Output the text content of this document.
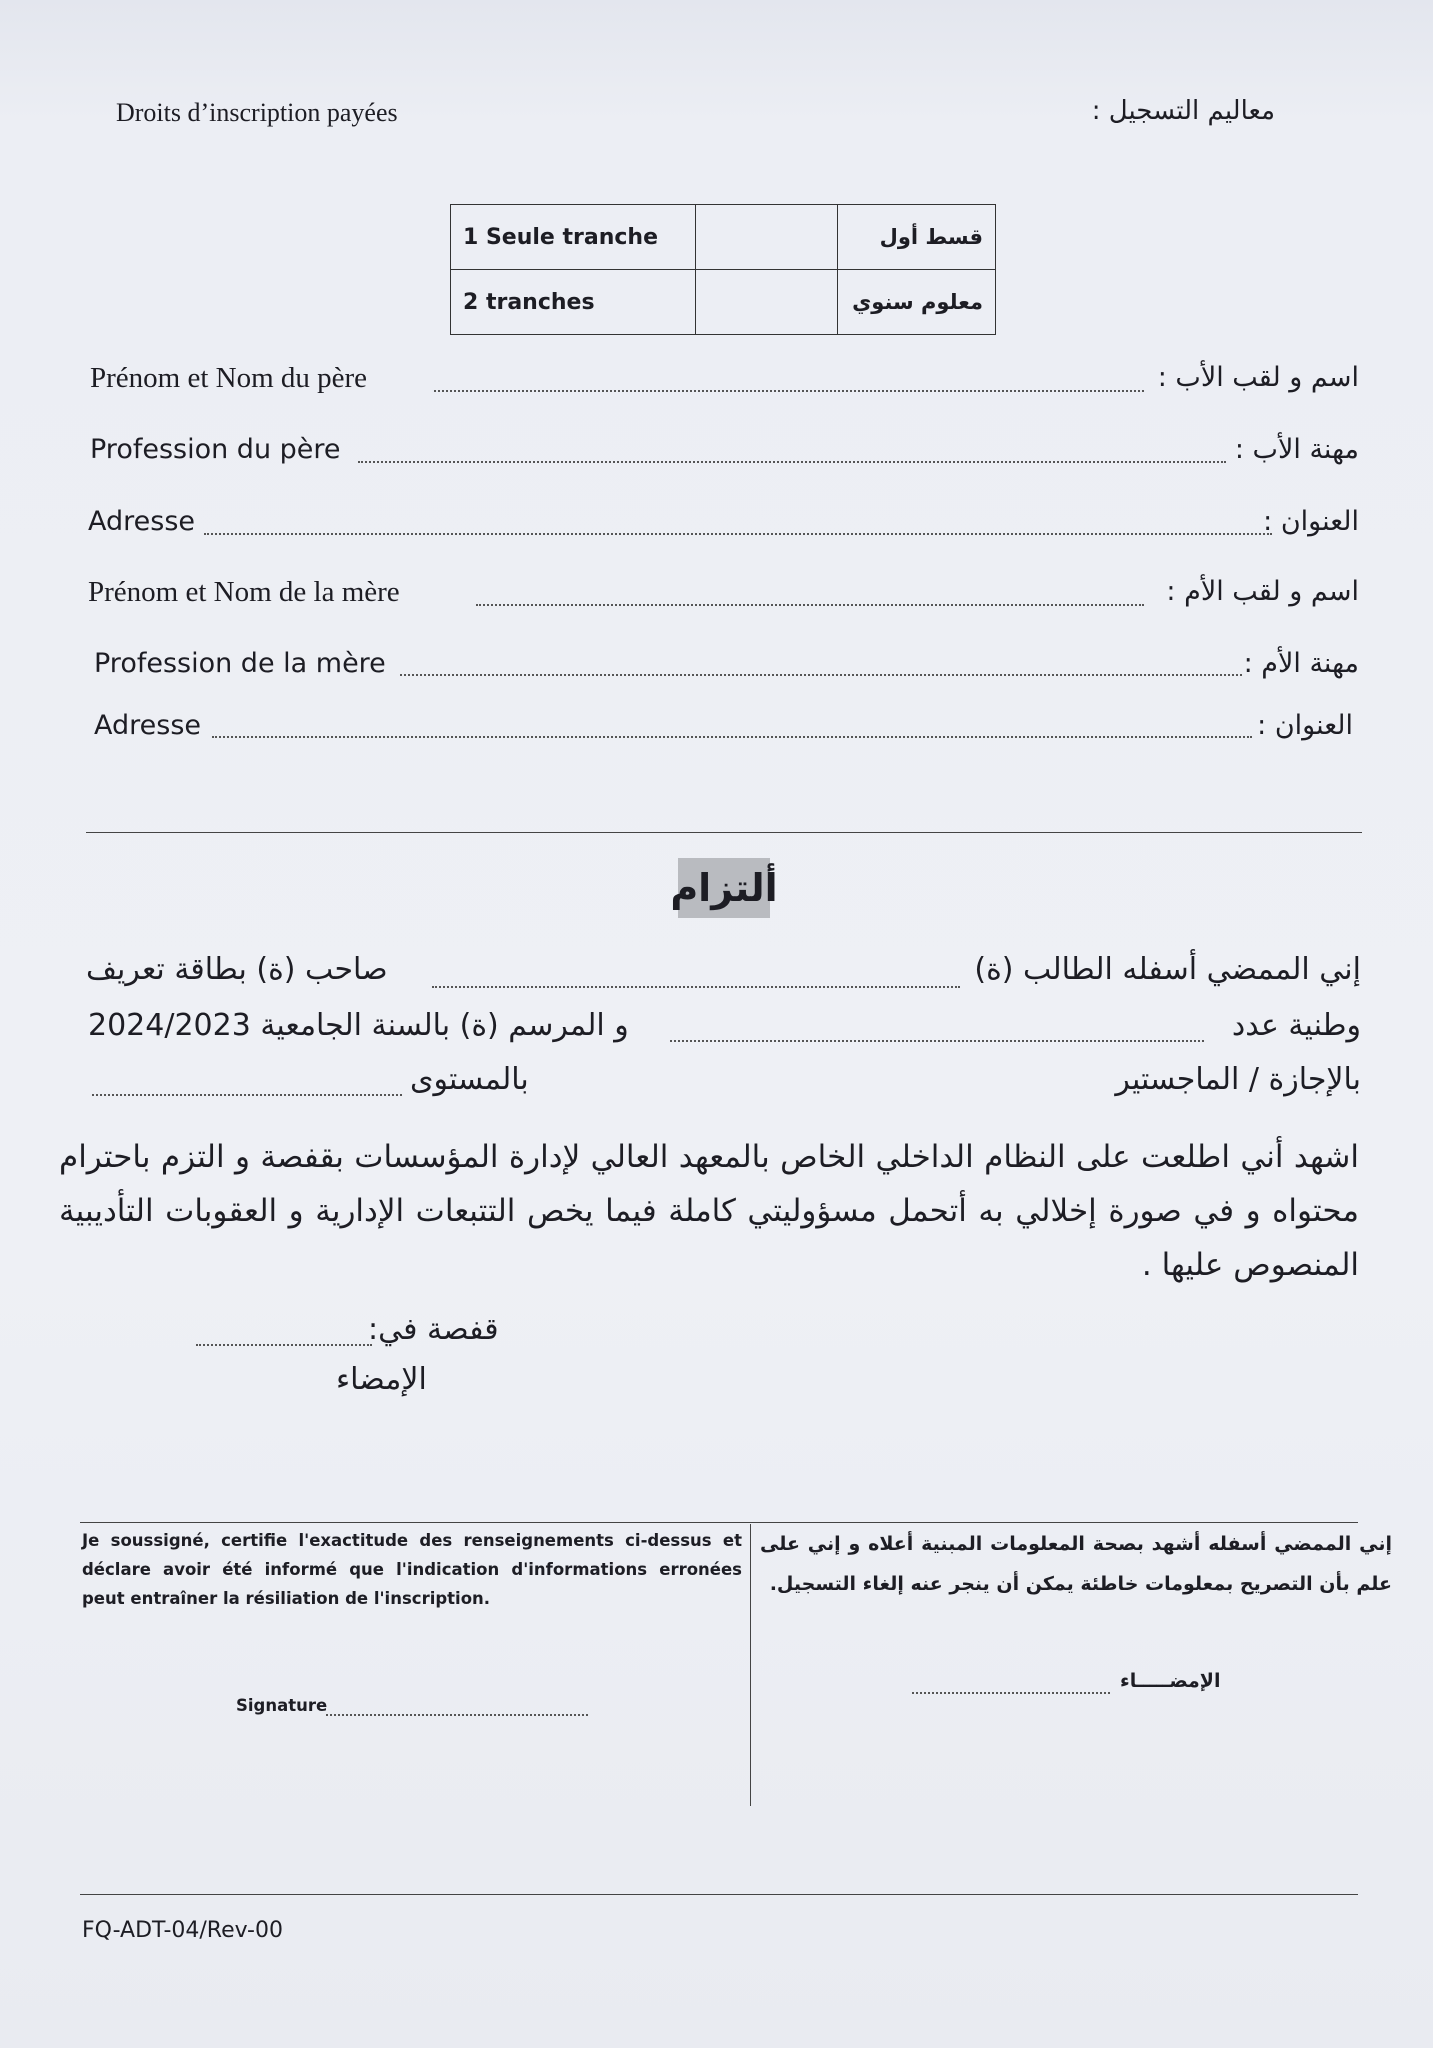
Droits d’inscription payées	معاليم التسجيل :
1 Seule tranche		قسط أول
2 tranches		معلوم سنوي
Prénom et Nom du père	اسم و لقب الأب :
Profession du père	مهنة الأب :
Adresse	العنوان :
Prénom et Nom de la mère	اسم و لقب الأم :
Profession de la mère	مهنة الأم :
Adresse	العنوان :
ألتزام
إني الممضي أسفله الطالب (ة)
صاحب (ة) بطاقة تعريف
وطنية عدد
و المرسم (ة) بالسنة الجامعية 2024/2023
بالإجازة / الماجستير
بالمستوى
اشهد أني اطلعت على النظام الداخلي الخاص بالمعهد العالي لإدارة المؤسسات بقفصة و التزم باحترام محتواه و في صورة إخلالي به أتحمل مسؤوليتي كاملة فيما يخص التتبعات الإدارية و العقوبات التأديبية المنصوص عليها .
قفصة في:
الإمضاء
Je soussigné, certifie l'exactitude des renseignements ci-dessus et déclare avoir été informé que l'indication d'informations erronées peut entraîner la résiliation de l'inscription.
Signature
إني الممضي أسفله أشهد بصحة المعلومات المبنية أعلاه و إني على علم بأن التصريح بمعلومات خاطئة يمكن أن ينجر عنه إلغاء التسجيل.
الإمضـــــاء
FQ-ADT-04/Rev-00
